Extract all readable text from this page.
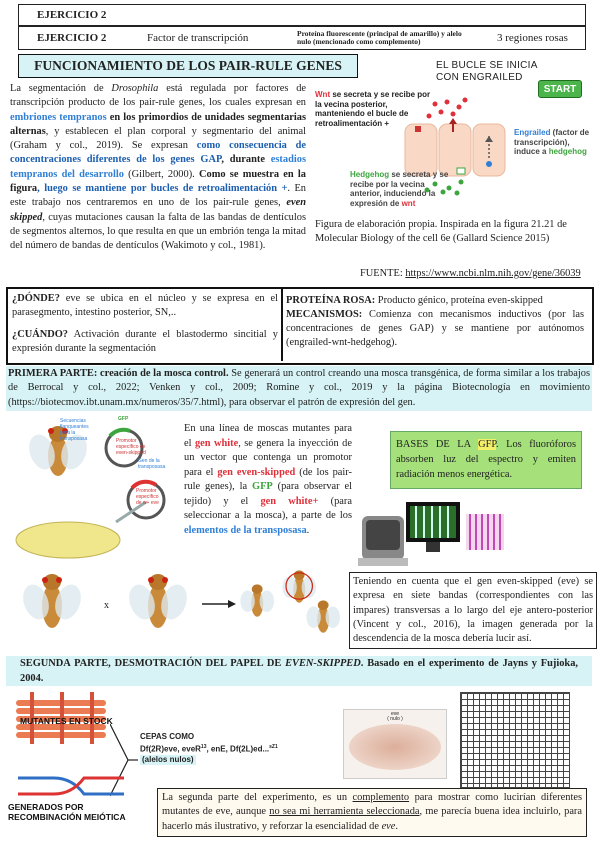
EJERCICIO 2
EJERCICIO 2	Factor de transcripción	Proteína fluorescente (principal de amarillo) y alelo nulo (mencionado como complemento)	3 regiones rosas
FUNCIONAMIENTO DE LOS PAIR-RULE GENES
La segmentación de Drosophila está regulada por factores de transcripción producto de los pair-rule genes, los cuales expresan en embriones tempranos en los primordios de unidades segmentarias alternas, y establecen el plan corporal y segmentario del animal (Graham y col., 2019). Se expresan como consecuencia de concentraciones diferentes de los genes GAP, durante estadios tempranos del desarrollo (Gilbert, 2000). Como se muestra en la figura, luego se mantiene por bucles de retroalimentación +. En este trabajo nos centraremos en uno de los pair-rule genes, even skipped, cuyas mutaciones causan la falta de las bandas de dentículos de segmentos alternos, lo que resulta en que un embrión tenga la mitad del número de bandas de dentículos (Wakimoto y col., 1981).
EL BUCLE SE INICIA
CON ENGRAILED
START
Wnt se secreta y se recibe por la vecina posterior, manteniendo el bucle de retroalimentación +
Engrailed (factor de transcripción), induce a hedgehog
Hedgehog se secreta y se recibe por la vecina anterior, induciendo la expresión de wnt
Figura de elaboración propia. Inspirada en la figura 21.21 de Molecular Biology of the cell 6e (Gallard Science 2015)
FUENTE: https://www.ncbi.nlm.nih.gov/gene/36039
¿DÓNDE? eve se ubica en el núcleo y se expresa en el parasegmento, intestino posterior, SN,..
¿CUÁNDO? Activación durante el blastodermo sincitial y expresión durante la segmentación
PROTEÍNA ROSA: Producto génico, proteína even-skipped
MECANISMOS: Comienza con mecanismos inductivos (por las concentraciones de genes GAP) y se mantiene por autónomos (engrailed-wnt-hedgehog).
PRIMERA PARTE: creación de la mosca control. Se generará un control creando una mosca transgénica, de forma similar a los trabajos de Berrocal y col., 2022; Venken y col., 2009; Romine y col., 2019 y la página Biotecnología en movimiento (https://biotecmov.ibt.unam.mx/numeros/35/7.html), para observar el patrón de expresión del gen.
Secuencias flanqueantes para la transposasa
GFP
Promotor específico de even-skipped
Gen de la transposasa
Promotor específico de w+ eve
En una línea de moscas mutantes para el gen white, se genera la inyección de un vector que contenga un promotor para el gen even-skipped (de los pair-rule genes), la GFP (para observar el tejido) y el gen white+ (para seleccionar a la mosca), a parte de los elementos de la transposasa.
BASES DE LA GFP. Los fluoróforos absorben luz del espectro y emiten radiación menos energética.
x
Teniendo en cuenta que el gen even-skipped (eve) se expresa en siete bandas (correspondientes con las impares) transversas a lo largo del eje antero-posterior (Vincent y col., 2016), la imagen generada por la descendencia de la mosca debería lucir así.
SEGUNDA PARTE, DESMOTRACIÓN DEL PAPEL DE EVEN-SKIPPED. Basado en el experimento de Jayns y Fujioka, 2004.
MUTANTES EN STOCK
CEPAS COMO
Df(2R)eve, eveR$^{13}$, enE, Df(2L)ed...$^{sZ1}$
(alelos nulos)
eve
( nulo )
GENERADOS POR RECOMBINACIÓN MEIÓTICA
La segunda parte del experimento, es un complemento para mostrar como lucirían diferentes mutantes de eve, aunque no sea mi herramienta seleccionada, me parecía buena idea incluirlo, para hacerlo más ilustrativo, y reforzar la esencialidad de eve.
